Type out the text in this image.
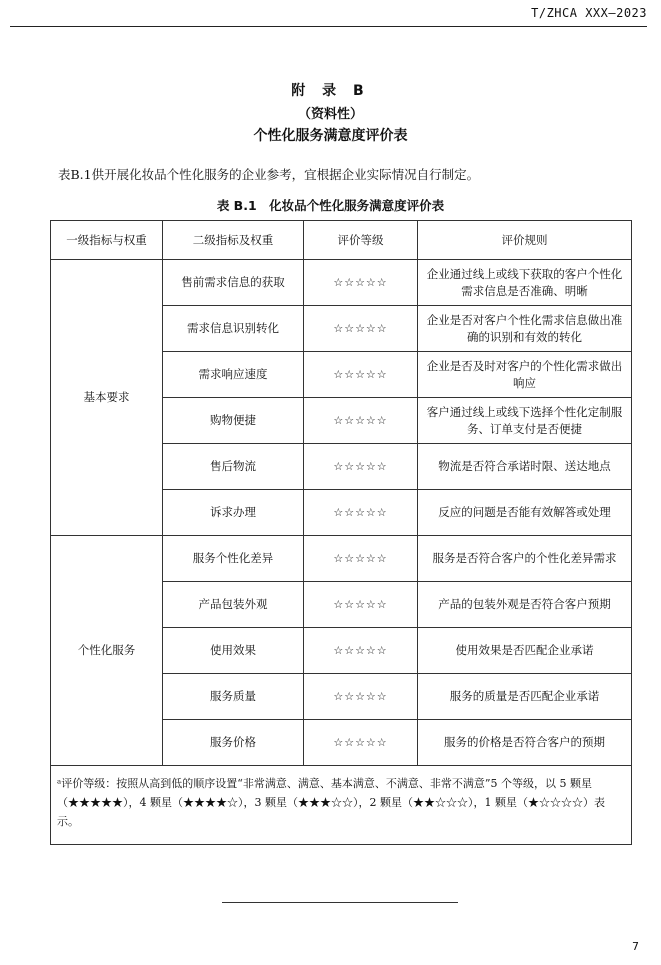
T/ZHCA XXX—2023
附 录 B
（资料性）
个性化服务满意度评价表
表B.1供开展化妆品个性化服务的企业参考，宜根据企业实际情况自行制定。
表 B.1　化妆品个性化服务满意度评价表
一级指标与权重	二级指标及权重	评价等级	评价规则
基本要求	售前需求信息的获取	☆☆☆☆☆	企业通过线上或线下获取的客户个性化需求信息是否准确、明晰
	需求信息识别转化	☆☆☆☆☆	企业是否对客户个性化需求信息做出准确的识别和有效的转化
	需求响应速度	☆☆☆☆☆	企业是否及时对客户的个性化需求做出响应
	购物便捷	☆☆☆☆☆	客户通过线上或线下选择个性化定制服务、订单支付是否便捷
	售后物流	☆☆☆☆☆	物流是否符合承诺时限、送达地点
	诉求办理	☆☆☆☆☆	反应的问题是否能有效解答或处理
个性化服务	服务个性化差异	☆☆☆☆☆	服务是否符合客户的个性化差异需求
	产品包装外观	☆☆☆☆☆	产品的包装外观是否符合客户预期
	使用效果	☆☆☆☆☆	使用效果是否匹配企业承诺
	服务质量	☆☆☆☆☆	服务的质量是否匹配企业承诺
	服务价格	☆☆☆☆☆	服务的价格是否符合客户的预期
ᵃ评价等级：按照从高到低的顺序设置“非常满意、满意、基本满意、不满意、非常不满意”5 个等级，以 5 颗星（★★★★★），4 颗星（★★★★☆），3 颗星（★★★☆☆），2 颗星（★★☆☆☆），1 颗星（★☆☆☆☆）表示。			
7
